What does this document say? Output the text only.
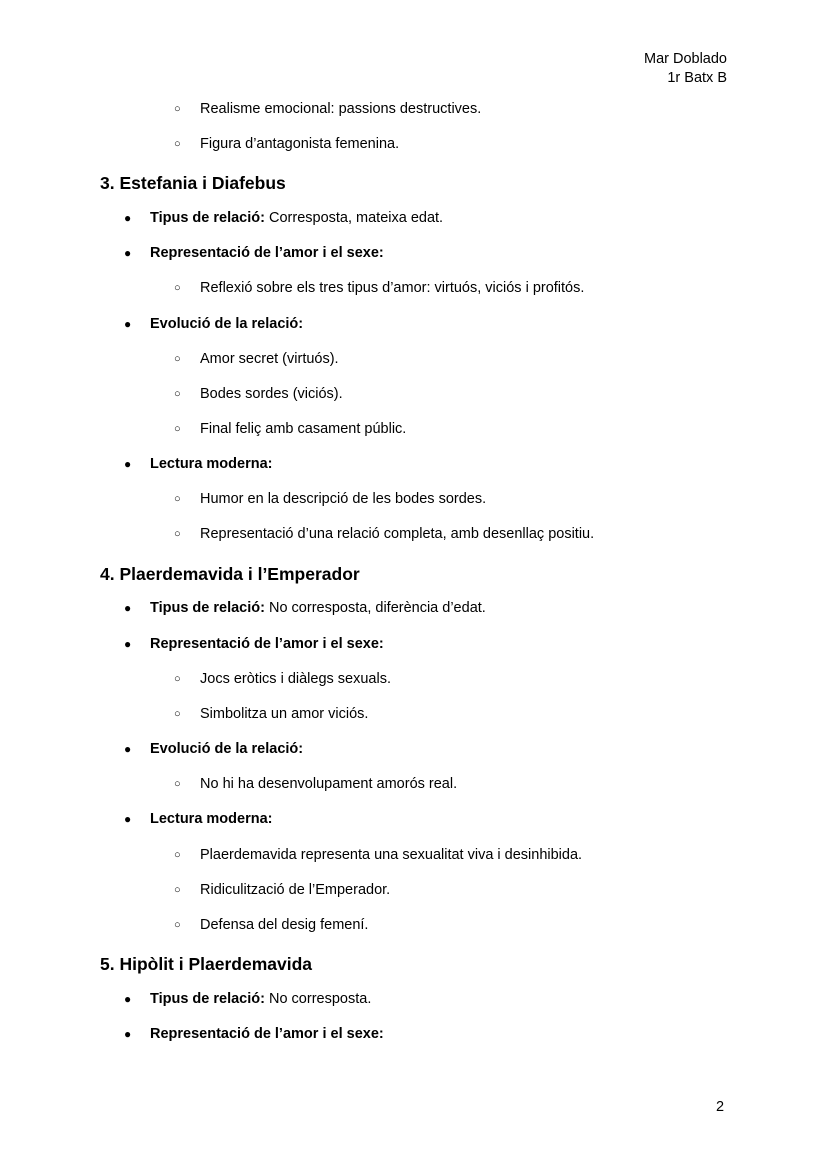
Mar Doblado
1r Batx B
○ Realisme emocional: passions destructives.
○ Figura d’antagonista femenina.
3. Estefania i Diafebus
● Tipus de relació: Corresposta, mateixa edat.
● Representació de l’amor i el sexe:
○ Reflexió sobre els tres tipus d’amor: virtuós, viciós i profitós.
● Evolució de la relació:
○ Amor secret (virtuós).
○ Bodes sordes (viciós).
○ Final feliç amb casament públic.
● Lectura moderna:
○ Humor en la descripció de les bodes sordes.
○ Representació d’una relació completa, amb desenllaç positiu.
4. Plaerdemavida i l’Emperador
● Tipus de relació: No corresposta, diferència d’edat.
● Representació de l’amor i el sexe:
○ Jocs eròtics i diàlegs sexuals.
○ Simbolitza un amor viciós.
● Evolució de la relació:
○ No hi ha desenvolupament amorós real.
● Lectura moderna:
○ Plaerdemavida representa una sexualitat viva i desinhibida.
○ Ridiculització de l’Emperador.
○ Defensa del desig femení.
5. Hipòlit i Plaerdemavida
● Tipus de relació: No corresposta.
● Representació de l’amor i el sexe:
2
